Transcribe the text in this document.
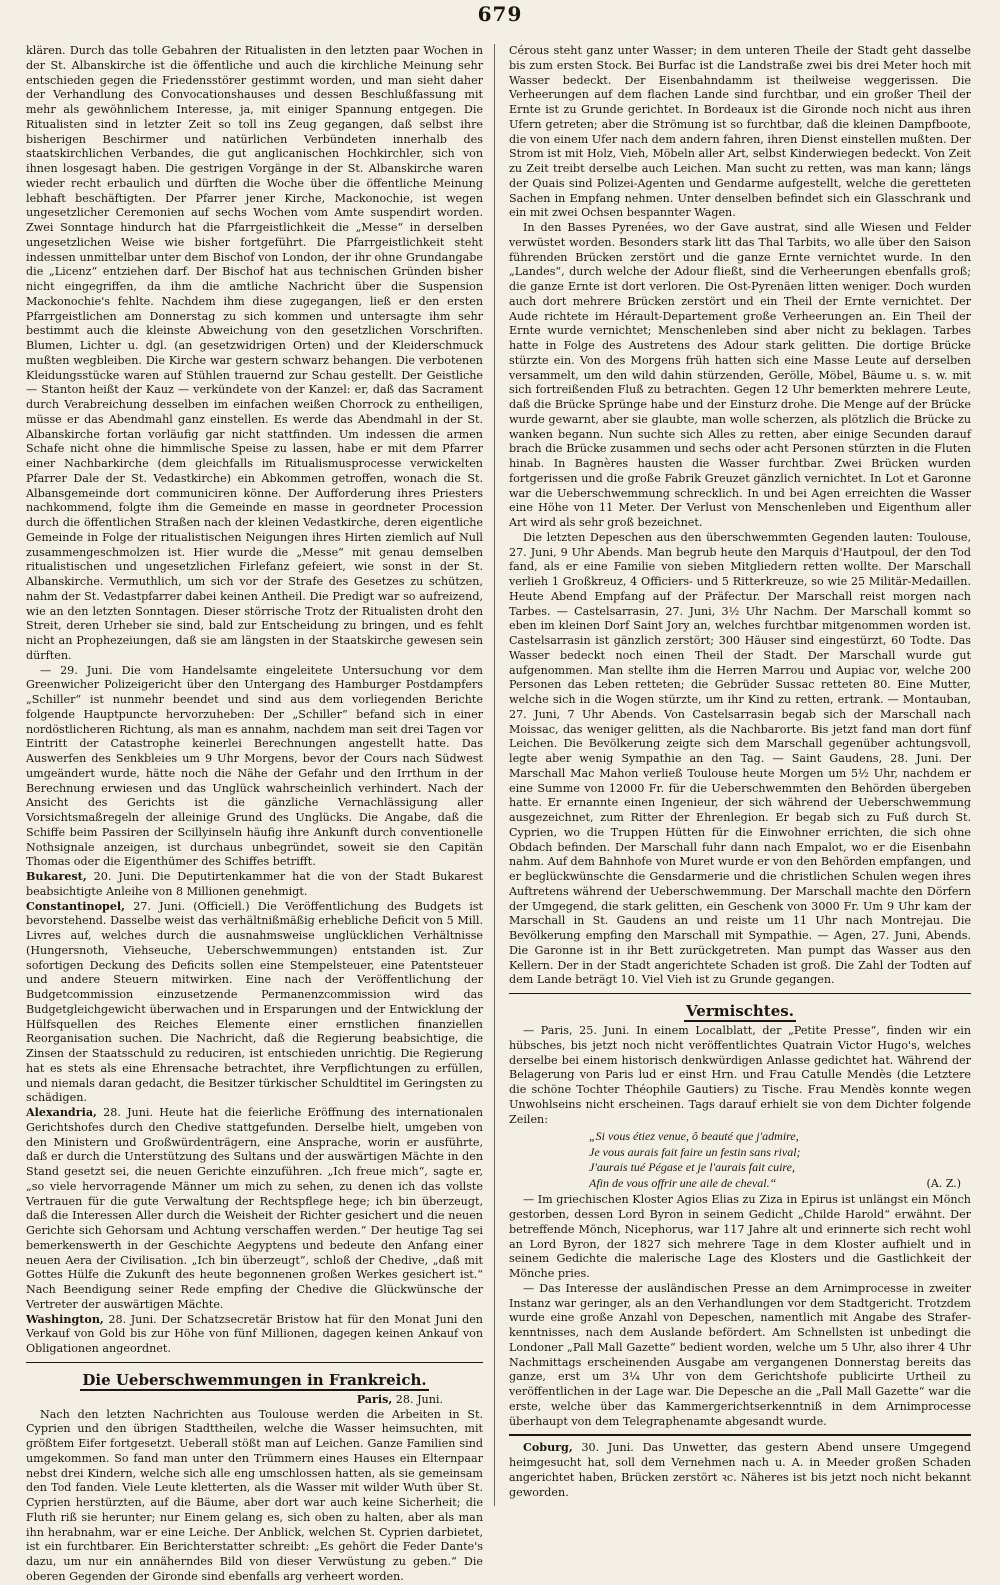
679

klären. Durch das tolle Gebahren der Ritualisten in den letzten paar Wochen in der St. Albanskirche ist die öffentliche und auch die kirchliche Meinung sehr entschieden gegen die Friedensstörer gestimmt worden, und man sieht daher der Verhandlung des Convocationshauses und dessen Beschlußfassung mit mehr als gewöhnlichem Interesse, ja, mit einiger Spannung entgegen. Die Ritualisten sind in letzter Zeit so toll ins Zeug gegangen, daß selbst ihre bisherigen Beschirmer und natürlichen Verbündeten innerhalb des staatskirchlichen Verbandes, die gut anglicanischen Hochkirchler, sich von ihnen losgesagt haben. Die gestrigen Vorgänge in der St. Albanskirche waren wieder recht erbaulich und dürften die Woche über die öffentliche Meinung lebhaft beschäftigten. Der Pfarrer jener Kirche, Mackonochie, ist wegen ungesetzlicher Ceremonien auf sechs Wochen vom Amte suspendirt worden. Zwei Sonntage hindurch hat die Pfarrgeistlichkeit die „Messe“ in derselben ungesetzlichen Weise wie bisher fortgeführt. Die Pfarrgeistlichkeit steht indessen unmittelbar unter dem Bischof von London, der ihr ohne Grundangabe die „Licenz“ entziehen darf. Der Bischof hat aus technischen Gründen bisher nicht eingegriffen, da ihm die amtliche Nachricht über die Suspension Mackonochie's fehlte. Nachdem ihm diese zugegangen, ließ er den ersten Pfarrgeistlichen am Donnerstag zu sich kommen und untersagte ihm sehr bestimmt auch die kleinste Abweichung von den gesetzlichen Vorschriften. Blumen, Lichter u. dgl. (an gesetzwidrigen Orten) und der Kleiderschmuck mußten wegbleiben. Die Kirche war gestern schwarz behangen. Die verbotenen Kleidungsstücke waren auf Stühlen trauernd zur Schau gestellt. Der Geistliche — Stanton heißt der Kauz — verkündete von der Kanzel: er, daß das Sacrament durch Verabreichung desselben im einfachen weißen Chorrock zu entheiligen, müsse er das Abendmahl ganz einstellen. Es werde das Abendmahl in der St. Albanskirche fortan vorläufig gar nicht stattfinden. Um indessen die armen Schafe nicht ohne die himmlische Speise zu lassen, habe er mit dem Pfarrer einer Nachbarkirche (dem gleichfalls im Ritualismusprocesse verwickelten Pfarrer Dale der St. Vedastkirche) ein Abkommen getroffen, wonach die St. Albansgemeinde dort communiciren könne. Der Aufforderung ihres Priesters nachkommend, folgte ihm die Gemeinde en masse in geordneter Procession durch die öffentlichen Straßen nach der kleinen Vedastkirche, deren eigentliche Gemeinde in Folge der ritualistischen Neigungen ihres Hirten ziemlich auf Null zusammengeschmolzen ist. Hier wurde die „Messe“ mit genau demselben ritualistischen und ungesetzlichen Firlefanz gefeiert, wie sonst in der St. Albanskirche. Vermuthlich, um sich vor der Strafe des Gesetzes zu schützen, nahm der St. Vedastpfarrer dabei keinen Antheil. Die Predigt war so aufreizend, wie an den letzten Sonntagen. Dieser störrische Trotz der Ritualisten droht den Streit, deren Urheber sie sind, bald zur Entscheidung zu bringen, und es fehlt nicht an Prophezeiungen, daß sie am längsten in der Staatskirche gewesen sein dürften.

— 29. Juni. Die vom Handelsamte eingeleitete Untersuchung vor dem Greenwicher Polizeigericht über den Untergang des Hamburger Postdampfers „Schiller“ ist nunmehr beendet und sind aus dem vorliegenden Berichte folgende Hauptpuncte hervorzuheben: Der „Schiller“ befand sich in einer nordöstlicheren Richtung, als man es annahm, nachdem man seit drei Tagen vor Eintritt der Catastrophe keinerlei Berechnungen angestellt hatte. Das Auswerfen des Senkbleies um 9 Uhr Morgens, bevor der Cours nach Südwest umgeändert wurde, hätte noch die Nähe der Gefahr und den Irrthum in der Berechnung erwiesen und das Unglück wahrscheinlich verhindert. Nach der Ansicht des Gerichts ist die gänzliche Vernachlässigung aller Vorsichtsmaßregeln der alleinige Grund des Unglücks. Die Angabe, daß die Schiffe beim Passiren der Scillyinseln häufig ihre Ankunft durch conventionelle Nothsignale anzeigen, ist durchaus unbegründet, soweit sie den Capitän Thomas oder die Eigenthümer des Schiffes betrifft.

Bukarest, 20. Juni. Die Deputirtenkammer hat die von der Stadt Bukarest beabsichtigte Anleihe von 8 Millionen genehmigt.

Constantinopel, 27. Juni. (Officiell.) Die Veröffentlichung des Budgets ist bevorstehend. Dasselbe weist das verhältnißmäßig erhebliche Deficit von 5 Mill. Livres auf, welches durch die ausnahmsweise unglücklichen Verhältnisse (Hungersnoth, Viehseuche, Ueberschwemmungen) entstanden ist. Zur sofortigen Deckung des Deficits sollen eine Stempelsteuer, eine Patentsteuer und andere Steuern mitwirken. Eine nach der Veröffentlichung der Budgetcommission einzusetzende Permanenzcommission wird das Budgetgleichgewicht überwachen und in Ersparungen und der Entwicklung der Hülfsquellen des Reiches Elemente einer ernstlichen finanziellen Reorganisation suchen. Die Nachricht, daß die Regierung beabsichtige, die Zinsen der Staatsschuld zu reduciren, ist entschieden unrichtig. Die Regierung hat es stets als eine Ehrensache betrachtet, ihre Verpflichtungen zu erfüllen, und niemals daran gedacht, die Besitzer türkischer Schuldtitel im Geringsten zu schädigen.

Alexandria, 28. Juni. Heute hat die feierliche Eröffnung des internationalen Gerichtshofes durch den Chedive stattgefunden. Derselbe hielt, umgeben von den Ministern und Großwürdenträgern, eine Ansprache, worin er ausführte, daß er durch die Unterstützung des Sultans und der auswärtigen Mächte in den Stand gesetzt sei, die neuen Gerichte einzuführen. „Ich freue mich“, sagte er, „so viele hervorragende Männer um mich zu sehen, zu denen ich das vollste Vertrauen für die gute Verwaltung der Rechtspflege hege; ich bin überzeugt, daß die Interessen Aller durch die Weisheit der Richter gesichert und die neuen Gerichte sich Gehorsam und Achtung verschaffen werden.“ Der heutige Tag sei bemerkenswerth in der Geschichte Aegyptens und bedeute den Anfang einer neuen Aera der Civilisation. „Ich bin überzeugt“, schloß der Chedive, „daß mit Gottes Hülfe die Zukunft des heute begonnenen großen Werkes gesichert ist.“ Nach Beendigung seiner Rede empfing der Chedive die Glückwünsche der Vertreter der auswärtigen Mächte.

Washington, 28. Juni. Der Schatzsecretär Bristow hat für den Monat Juni den Verkauf von Gold bis zur Höhe von fünf Millionen, dagegen keinen Ankauf von Obligationen angeordnet.

Die Ueberschwemmungen in Frankreich.

Paris, 28. Juni.

Nach den letzten Nachrichten aus Toulouse werden die Arbeiten in St. Cyprien und den übrigen Stadttheilen, welche die Wasser heimsuchten, mit größtem Eifer fortgesetzt. Ueberall stößt man auf Leichen. Ganze Familien sind umgekommen. So fand man unter den Trümmern eines Hauses ein Elternpaar nebst drei Kindern, welche sich alle eng umschlossen hatten, als sie gemeinsam den Tod fanden. Viele Leute kletterten, als die Wasser mit wilder Wuth über St. Cyprien herstürzten, auf die Bäume, aber dort war auch keine Sicherheit; die Fluth riß sie herunter; nur Einem gelang es, sich oben zu halten, aber als man ihn herabnahm, war er eine Leiche. Der Anblick, welchen St. Cyprien darbietet, ist ein furchtbarer. Ein Berichterstatter schreibt: „Es gehört die Feder Dante's dazu, um nur ein annäherndes Bild von dieser Verwüstung zu geben.“ Die oberen Gegenden der Gironde sind ebenfalls arg verheert worden.

Cérous steht ganz unter Wasser; in dem unteren Theile der Stadt geht dasselbe bis zum ersten Stock. Bei Burfac ist die Landstraße zwei bis drei Meter hoch mit Wasser bedeckt. Der Eisenbahndamm ist theilweise weggerissen. Die Verheerungen auf dem flachen Lande sind furchtbar, und ein großer Theil der Ernte ist zu Grunde gerichtet. In Bordeaux ist die Gironde noch nicht aus ihren Ufern getreten; aber die Strömung ist so furchtbar, daß die kleinen Dampfboote, die von einem Ufer nach dem andern fahren, ihren Dienst einstellen mußten. Der Strom ist mit Holz, Vieh, Möbeln aller Art, selbst Kinderwiegen bedeckt. Von Zeit zu Zeit treibt derselbe auch Leichen. Man sucht zu retten, was man kann; längs der Quais sind Polizei-Agenten und Gendarme aufgestellt, welche die geretteten Sachen in Empfang nehmen. Unter denselben befindet sich ein Glasschrank und ein mit zwei Ochsen bespannter Wagen.

In den Basses Pyrenées, wo der Gave austrat, sind alle Wiesen und Felder verwüstet worden. Besonders stark litt das Thal Tarbits, wo alle über den Saison führenden Brücken zerstört und die ganze Ernte vernichtet wurde. In den „Landes“, durch welche der Adour fließt, sind die Verheerungen ebenfalls groß; die ganze Ernte ist dort verloren. Die Ost-Pyrenäen litten weniger. Doch wurden auch dort mehrere Brücken zerstört und ein Theil der Ernte vernichtet. Der Aude richtete im Hérault-Departement große Verheerungen an. Ein Theil der Ernte wurde vernichtet; Menschenleben sind aber nicht zu beklagen. Tarbes hatte in Folge des Austretens des Adour stark gelitten. Die dortige Brücke stürzte ein. Von des Morgens früh hatten sich eine Masse Leute auf derselben versammelt, um den wild dahin stürzenden, Gerölle, Möbel, Bäume u. s. w. mit sich fortreißenden Fluß zu betrachten. Gegen 12 Uhr bemerkten mehrere Leute, daß die Brücke Sprünge habe und der Einsturz drohe. Die Menge auf der Brücke wurde gewarnt, aber sie glaubte, man wolle scherzen, als plötzlich die Brücke zu wanken begann. Nun suchte sich Alles zu retten, aber einige Secunden darauf brach die Brücke zusammen und sechs oder acht Personen stürzten in die Fluten hinab. In Bagnères hausten die Wasser furchtbar. Zwei Brücken wurden fortgerissen und die große Fabrik Greuzet gänzlich vernichtet. In Lot et Garonne war die Ueberschwemmung schrecklich. In und bei Agen erreichten die Wasser eine Höhe von 11 Meter. Der Verlust von Menschenleben und Eigenthum aller Art wird als sehr groß bezeichnet.

Die letzten Depeschen aus den überschwemmten Gegenden lauten: Toulouse, 27. Juni, 9 Uhr Abends. Man begrub heute den Marquis d'Hautpoul, der den Tod fand, als er eine Familie von sieben Mitgliedern retten wollte. Der Marschall verlieh 1 Großkreuz, 4 Officiers- und 5 Ritterkreuze, so wie 25 Militär-Medaillen. Heute Abend Empfang auf der Präfectur. Der Marschall reist morgen nach Tarbes. — Castelsarrasin, 27. Juni, 3½ Uhr Nachm. Der Marschall kommt so eben im kleinen Dorf Saint Jory an, welches furchtbar mitgenommen worden ist. Castelsarrasin ist gänzlich zerstört; 300 Häuser sind eingestürzt, 60 Todte. Das Wasser bedeckt noch einen Theil der Stadt. Der Marschall wurde gut aufgenommen. Man stellte ihm die Herren Marrou und Aupiac vor, welche 200 Personen das Leben retteten; die Gebrüder Sussac retteten 80. Eine Mutter, welche sich in die Wogen stürzte, um ihr Kind zu retten, ertrank. — Montauban, 27. Juni, 7 Uhr Abends. Von Castelsarrasin begab sich der Marschall nach Moissac, das weniger gelitten, als die Nachbarorte. Bis jetzt fand man dort fünf Leichen. Die Bevölkerung zeigte sich dem Marschall gegenüber achtungsvoll, legte aber wenig Sympathie an den Tag. — Saint Gaudens, 28. Juni. Der Marschall Mac Mahon verließ Toulouse heute Morgen um 5½ Uhr, nachdem er eine Summe von 12000 Fr. für die Ueberschwemmten den Behörden übergeben hatte. Er ernannte einen Ingenieur, der sich während der Ueberschwemmung ausgezeichnet, zum Ritter der Ehrenlegion. Er begab sich zu Fuß durch St. Cyprien, wo die Truppen Hütten für die Einwohner errichten, die sich ohne Obdach befinden. Der Marschall fuhr dann nach Empalot, wo er die Eisenbahn nahm. Auf dem Bahnhofe von Muret wurde er von den Behörden empfangen, und er beglückwünschte die Gensdarmerie und die christlichen Schulen wegen ihres Auftretens während der Ueberschwemmung. Der Marschall machte den Dörfern der Umgegend, die stark gelitten, ein Geschenk von 3000 Fr. Um 9 Uhr kam der Marschall in St. Gaudens an und reiste um 11 Uhr nach Montrejau. Die Bevölkerung empfing den Marschall mit Sympathie. — Agen, 27. Juni, Abends. Die Garonne ist in ihr Bett zurückgetreten. Man pumpt das Wasser aus den Kellern. Der in der Stadt angerichtete Schaden ist groß. Die Zahl der Todten auf dem Lande beträgt 10. Viel Vieh ist zu Grunde gegangen.

Vermischtes.

— Paris, 25. Juni. In einem Localblatt, der „Petite Presse“, finden wir ein hübsches, bis jetzt noch nicht veröffentlichtes Quatrain Victor Hugo's, welches derselbe bei einem historisch denkwürdigen Anlasse gedichtet hat. Während der Belagerung von Paris lud er einst Hrn. und Frau Catulle Mendès (die Letztere die schöne Tochter Théophile Gautiers) zu Tische. Frau Mendès konnte wegen Unwohlseins nicht erscheinen. Tags darauf erhielt sie von dem Dichter folgende Zeilen:

„Si vous étiez venue, ô beauté que j'admire,
Je vous aurais fait faire un festin sans rival;
J'aurais tué Pégase et je l'aurais fait cuire,
Afin de vous offrir une aile de cheval.“	(A. Z.)

— Im griechischen Kloster Agios Elias zu Ziza in Epirus ist unlängst ein Mönch gestorben, dessen Lord Byron in seinem Gedicht „Childe Harold“ erwähnt. Der betreffende Mönch, Nicephorus, war 117 Jahre alt und erinnerte sich recht wohl an Lord Byron, der 1827 sich mehrere Tage in dem Kloster aufhielt und in seinem Gedichte die malerische Lage des Klosters und die Gastlichkeit der Mönche pries.

— Das Interesse der ausländischen Presse an dem Arnimprocesse in zweiter Instanz war geringer, als an den Verhandlungen vor dem Stadtgericht. Trotzdem wurde eine große Anzahl von Depeschen, namentlich mit Angabe des Straferkenntnisses, nach dem Auslande befördert. Am Schnellsten ist unbedingt die Londoner „Pall Mall Gazette“ bedient worden, welche um 5 Uhr, also ihrer 4 Uhr Nachmittags erscheinenden Ausgabe am vergangenen Donnerstag bereits das ganze, erst um 3¼ Uhr von dem Gerichtshofe publicirte Urtheil zu veröffentlichen in der Lage war. Die Depesche an die „Pall Mall Gazette“ war die erste, welche über das Kammergerichtserkenntniß in dem Arnimprocesse überhaupt von dem Telegraphenamte abgesandt wurde.

Coburg, 30. Juni. Das Unwetter, das gestern Abend unsere Umgegend heimgesucht hat, soll dem Vernehmen nach u. A. in Meeder großen Schaden angerichtet haben, Brücken zerstört ꝛc. Näheres ist bis jetzt noch nicht bekannt geworden.
